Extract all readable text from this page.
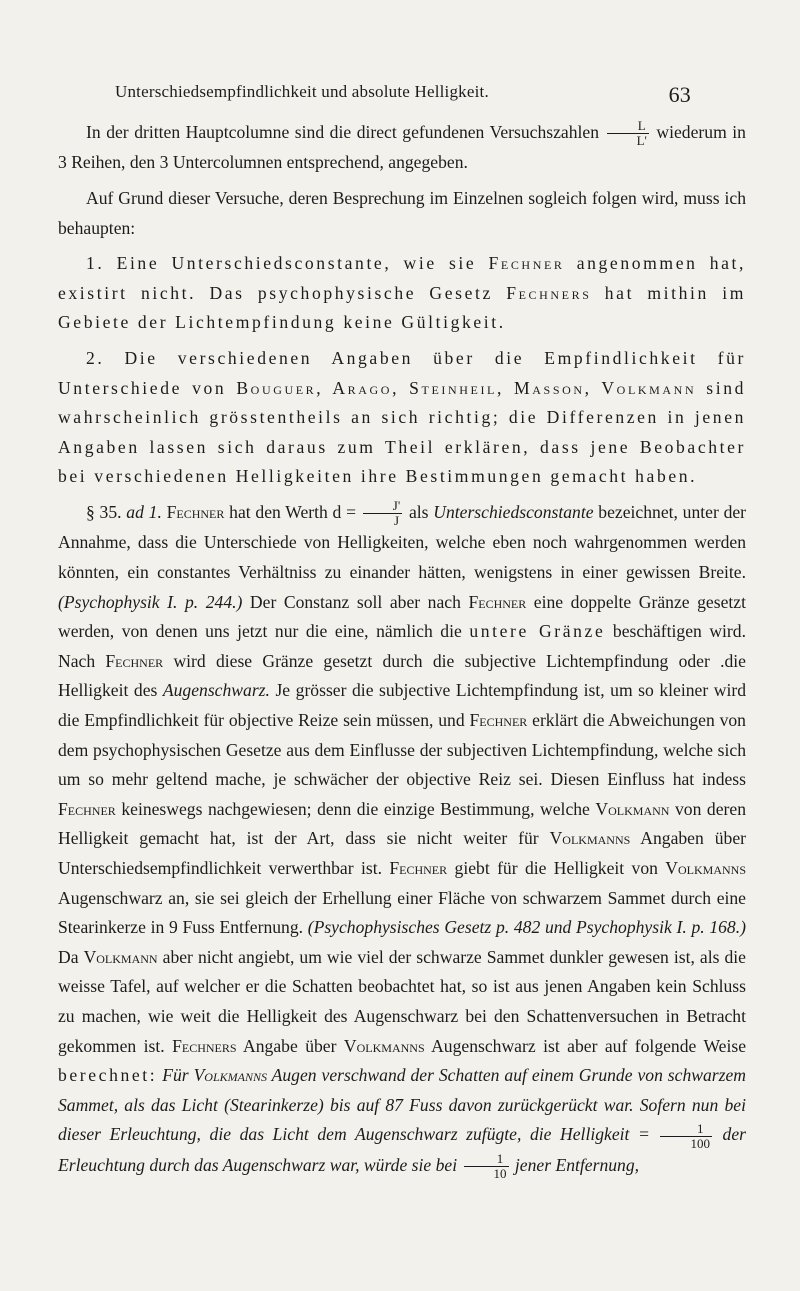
Unterschiedsempfindlichkeit und absolute Helligkeit.	63

In der dritten Hauptcolumne sind die direct gefundenen Versuchszahlen $\frac{L}{L'}$ wiederum in 3 Reihen, den 3 Untercolumnen entsprechend, angegeben.

Auf Grund dieser Versuche, deren Besprechung im Einzelnen sogleich folgen wird, muss ich behaupten:

1. Eine Unterschiedsconstante, wie sie Fechner angenommen hat, existirt nicht. Das psychophysische Gesetz Fechners hat mithin im Gebiete der Lichtempfindung keine Gültigkeit.

2. Die verschiedenen Angaben über die Empfindlichkeit für Unterschiede von Bouguer, Arago, Steinheil, Masson, Volkmann sind wahrscheinlich grösstentheils an sich richtig; die Differenzen in jenen Angaben lassen sich daraus zum Theil erklären, dass jene Beobachter bei verschiedenen Helligkeiten ihre Bestimmungen gemacht haben.

§ 35. ad 1. Fechner hat den Werth $d = \frac{J'}{J}$ als Unterschiedsconstante bezeichnet, unter der Annahme, dass die Unterschiede von Helligkeiten, welche eben noch wahrgenommen werden könnten, ein constantes Verhältniss zu einander hätten, wenigstens in einer gewissen Breite. (Psychophysik I. p. 244.) Der Constanz soll aber nach Fechner eine doppelte Gränze gesetzt werden, von denen uns jetzt nur die eine, nämlich die untere Gränze beschäftigen wird. Nach Fechner wird diese Gränze gesetzt durch die subjective Lichtempfindung oder .die Helligkeit des Augenschwarz. Je grösser die subjective Lichtempfindung ist, um so kleiner wird die Empfindlichkeit für objective Reize sein müssen, und Fechner erklärt die Abweichungen von dem psychophysischen Gesetze aus dem Einflusse der subjectiven Lichtempfindung, welche sich um so mehr geltend mache, je schwächer der objective Reiz sei. Diesen Einfluss hat indess Fechner keineswegs nachgewiesen; denn die einzige Bestimmung, welche Volkmann von deren Helligkeit gemacht hat, ist der Art, dass sie nicht weiter für Volkmanns Angaben über Unterschiedsempfindlichkeit verwerthbar ist. Fechner giebt für die Helligkeit von Volkmanns Augenschwarz an, sie sei gleich der Erhellung einer Fläche von schwarzem Sammet durch eine Stearinkerze in 9 Fuss Entfernung. (Psychophysisches Gesetz p. 482 und Psychophysik I. p. 168.) Da Volkmann aber nicht angiebt, um wie viel der schwarze Sammet dunkler gewesen ist, als die weisse Tafel, auf welcher er die Schatten beobachtet hat, so ist aus jenen Angaben kein Schluss zu machen, wie weit die Helligkeit des Augenschwarz bei den Schattenversuchen in Betracht gekommen ist. Fechners Angabe über Volkmanns Augenschwarz ist aber auf folgende Weise berechnet: Für Volkmanns Augen verschwand der Schatten auf einem Grunde von schwarzem Sammet, als das Licht (Stearinkerze) bis auf 87 Fuss davon zurückgerückt war. Sofern nun bei dieser Erleuchtung, die das Licht dem Augenschwarz zufügte, die Helligkeit = $\frac{1}{100}$ der Erleuchtung durch das Augenschwarz war, würde sie bei $\frac{1}{10}$ jener Entfernung,
